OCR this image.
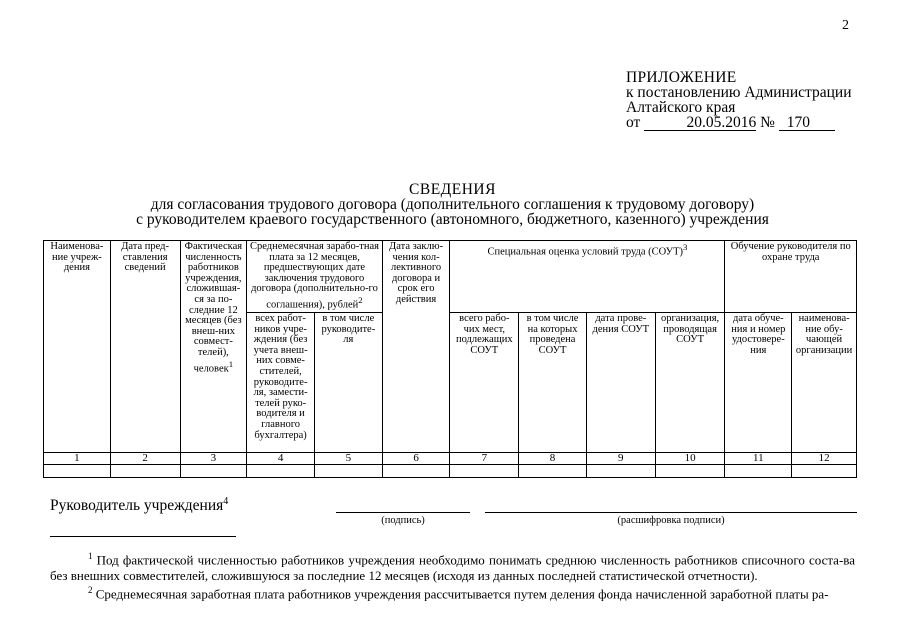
2
ПРИЛОЖЕНИЕ
к постановлению Администрации
Алтайского края
от	20.05.2016 № 170
СВЕДЕНИЯ
для согласования трудового договора (дополнительного соглашения к трудовому договору)
с руководителем краевого государственного (автономного, бюджетного, казенного) учреждения
Наименова-ние учреж-дения	Дата пред-ставления сведений	Фактическая численность работников учреждения, сложившая-ся за по-следние 12 месяцев (без внеш-них совмест-телей), человек$^1$	Среднемесячная зарабо-тная плата за 12 месяцев, предшествующих дате заключения трудового договора (дополнительно-го соглашения), рублей$^2$		Дата заклю-чения кол-лективного договора и срок его действия	Специальная оценка условий труда (СОУТ)$^3$				Обучение руководителя по охране труда	
			всех работ-ников учре-ждения (без учета внеш-них совме-стителей, руководите-ля, замести-телей руко-водителя и главного бухгалтера)	в том числе руководите-ля		всего рабо-чих мест, подлежащих СОУТ	в том числе на которых проведена СОУТ	дата прове-дения СОУТ	организация, проводящая СОУТ	дата обуче-ния и номер удостовере-ния	наименова-ние обу-чающей организации
1	2	3	4	5	6	7	8	9	10	11	12

Руководитель учреждения$^4$
(подпись)	(расшифровка подписи)
$^1$ Под фактической численностью работников учреждения необходимо понимать среднюю численность работников списочного соста-ва без внешних совместителей, сложившуюся за последние 12 месяцев (исходя из данных последней статистической отчетности).
$^2$ Среднемесячная заработная плата работников учреждения рассчитывается путем деления фонда начисленной заработной платы ра-
